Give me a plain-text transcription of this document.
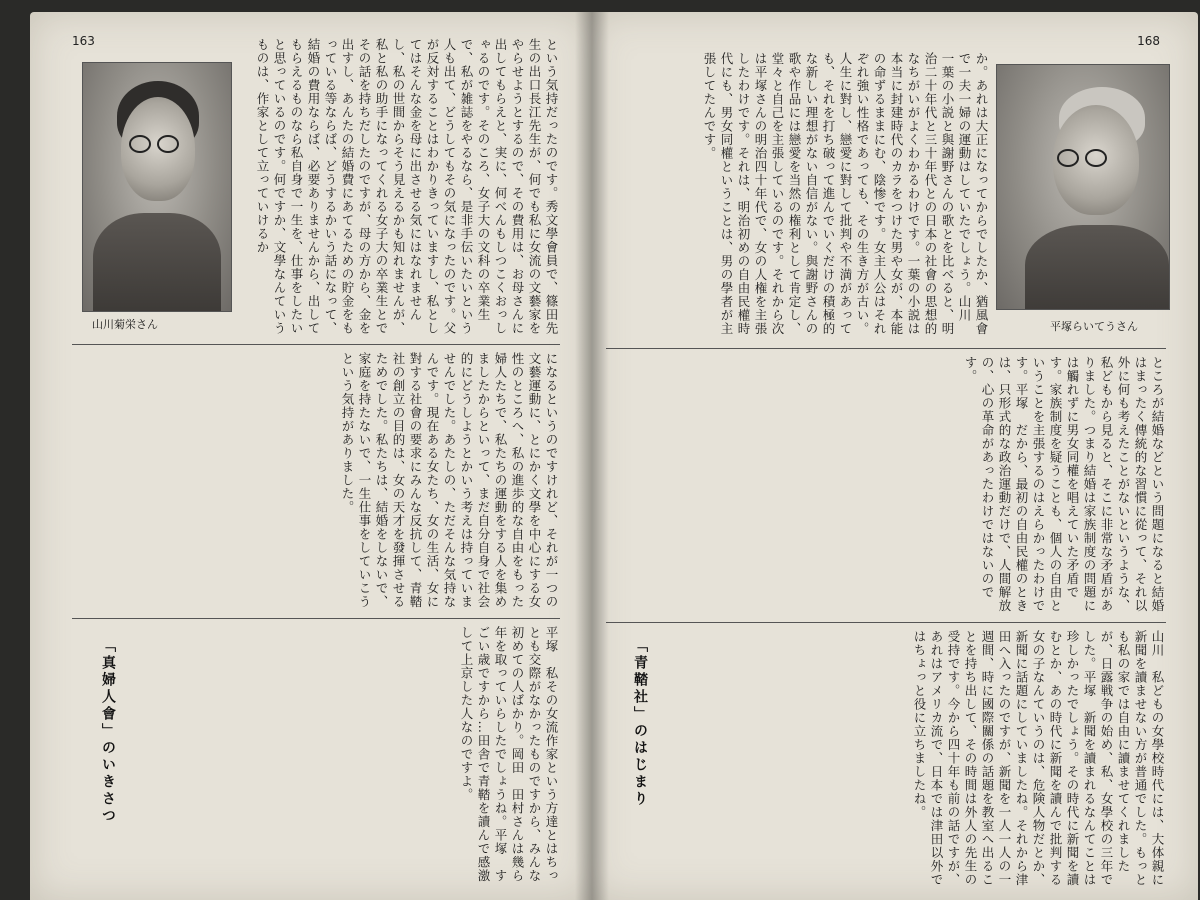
163
山川菊栄さん	という気持だったのです。秀文學會員で、篠田先生の出口長江先生が、何でも私に女流の文藝家をやらせようとするので、その費用は、お母さんに出してもらえと、実に、何べんもしつこくおっしゃるのです。そのころ、女子大の文科の卒業生で、私が雑誌をやるなら、是非手伝いたいという人も出て、どうしてもその気になったのです。父が反対することはわかりきっていますし、私としてはそんな金を母に出させる気にはなれませんし、私の世間からそう見えるかも知れませんが、私と私の助手になってくれる女子大の卒業生とでその話を持ちだしたのですが、母の方から、金を出すし、あんたの結婚費にあてるための貯金をもっている等ならば、どうするかいう話になって、結婚の費用ならば、必要ありませんから、出してもらえるものなら私自身で一生を、仕事をしたいと思っているのです。何ですか、文學なんていうものは、作家として立っていけるか

になるというのですけれど、それが一つの文藝運動に、とにかく文學を中心にする女性のところへ、私の進歩的な自由をもった婦人たちで、私たちの運動をする人を集めましたからといって、まだ自分自身で社会的にどうしようとかいう考えは持っていませんでした。あたしの、ただそんな気持なんです。現在ある女たち、女の生活、女に對する社會の要求にみんな反抗して、青鞜社の創立の目的は、女の天才を發揮させるためでした。私たちは、結婚をしないで、家庭を持たないで、一生仕事をしていこうという気持がありました。

「真婦人會」のいきさつ	平塚　私その女流作家という方達とはちっとも交際がなかったものですから、みんな初めての人ばかり。岡田　田村さんは幾ら年を取っていらしたでしょうね。平塚　すごい歳ですから…田舎で青鞜を讀んで感激して上京した人なのですよ。

168
平塚らいてうさん

か。あれは大正になってからでしたか、猶風會で一夫一婦の運動はしていたでしょう。山川　一葉の小説と與謝野さんの歌とを比べると、明治二十年代と三十年代との日本の社會の思想的なちがいがよくわかるわけです。一葉の小説は本当に封建時代のカラをつけた男や女が、本能の命ずるままにむ、陰惨です。女主人公はそれぞれ強い性格であっても、その生き方が古い。人生に對し、戀愛に對して批判や不満があっても、それを打ち破って進んでいくだけの積極的な新しい理想がない自信がない。與謝野さんの歌や作品には戀愛を当然の権利として肯定し、堂々と自己を主張しているのです。それから次は平塚さんの明治四十年代で、女の人権を主張したわけです。それは、明治初めの自由民權時代にも、男女同權ということは、男の學者が主張してたんです。

ところが結婚などという問題になると結婚はまったく傳統的な習慣に從って、それ以外に何も考えたことがないというような、私どもから見ると、そこに非常な矛盾がありました。つまり結婚は家族制度の問題には觸れずに男女同權を唱えていた矛盾です。家族制度を疑うことも、個人の自由ということを主張するのはえらかったわけです。平塚　だから、最初の自由民權のときは、只形式的な政治運動だけで、人間解放の、心の革命があったわけではないのです。

「青鞜社」のはじまり	山川　私どもの女學校時代には、大体親に新聞を讀ませない方が普通でした。もっとも私の家では自由に讀ませてくれましたが、日露戦争の始め、私、女學校の三年でした。平塚　新聞を讀まれるなんてことは珍しかったでしょう。その時代に新聞を讀むとか、あの時代に新聞を讀んで批判する女の子なんていうのは、危険人物だとか、新聞に話題にしていましたね。それから津田へ入ったのですが、新聞を一人一人の一週間、時に國際關係の話題を教室へ出ることを持ち出して、その時間は外人の先生の受持です。今から四十年も前の話ですが、あれはアメリカ流で、日本では津田以外ではちょっと役に立ちましたね。
